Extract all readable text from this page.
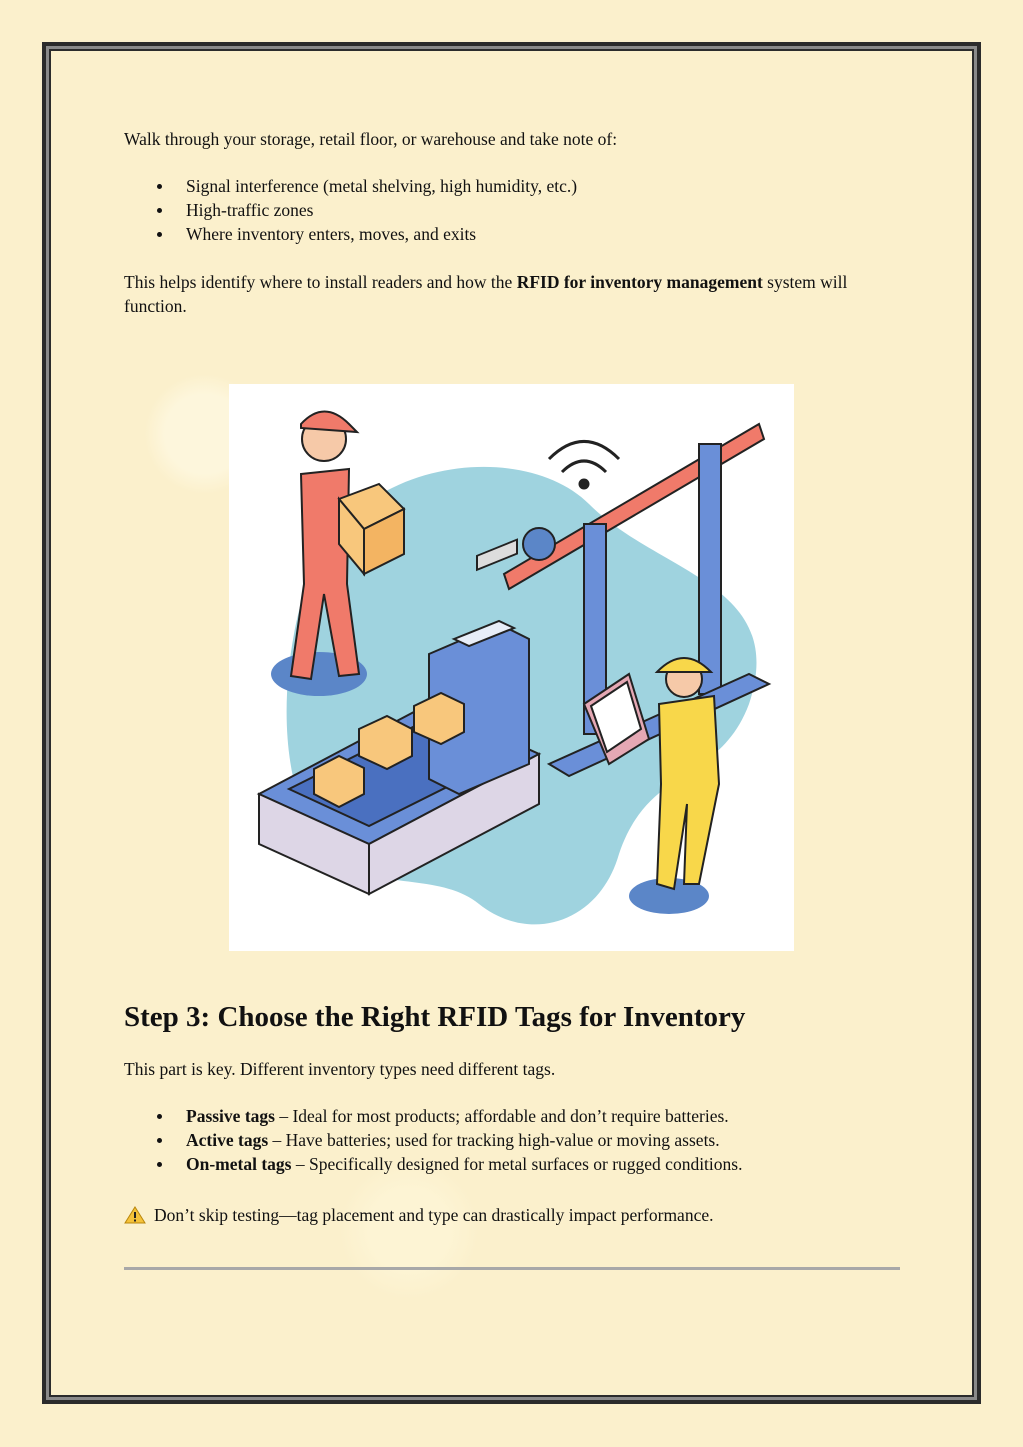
Walk through your storage, retail floor, or warehouse and take note of:

Signal interference (metal shelving, high humidity, etc.)
High-traffic zones
Where inventory enters, moves, and exits

This helps identify where to install readers and how the RFID for inventory management system will function.

Step 3: Choose the Right RFID Tags for Inventory

This part is key. Different inventory types need different tags.

Passive tags – Ideal for most products; affordable and don’t require batteries.
Active tags – Have batteries; used for tracking high-value or moving assets.
On-metal tags – Specifically designed for metal surfaces or rugged conditions.

Don’t skip testing—tag placement and type can drastically impact performance.
